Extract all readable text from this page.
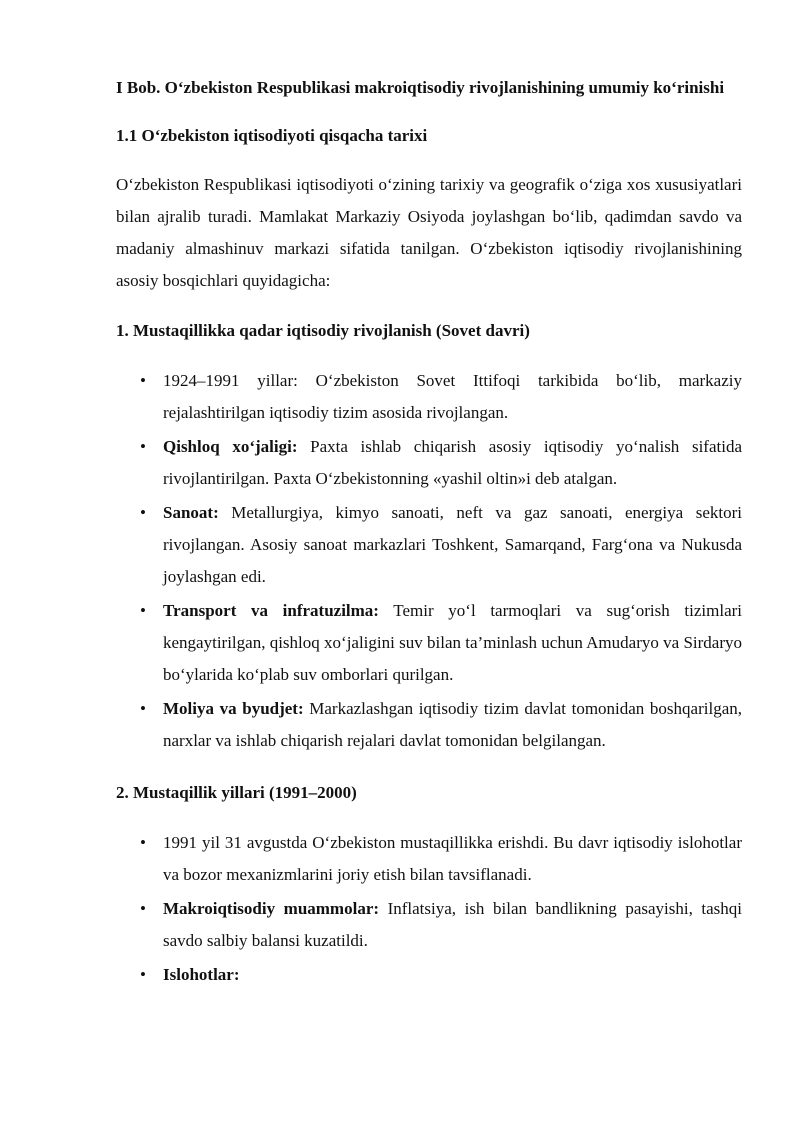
I Bob. O‘zbekiston Respublikasi makroiqtisodiy rivojlanishining umumiy ko‘rinishi
1.1 O‘zbekiston iqtisodiyoti qisqacha tarixi

O‘zbekiston Respublikasi iqtisodiyoti o‘zining tarixiy va geografik o‘ziga xos xususiyatlari bilan ajralib turadi. Mamlakat Markaziy Osiyoda joylashgan bo‘lib, qadimdan savdo va madaniy almashinuv markazi sifatida tanilgan. O‘zbekiston iqtisodiy rivojlanishining asosiy bosqichlari quyidagicha:

1. Mustaqillikka qadar iqtisodiy rivojlanish (Sovet davri)
• 1924–1991 yillar: O‘zbekiston Sovet Ittifoqi tarkibida bo‘lib, markaziy rejalashtirilgan iqtisodiy tizim asosida rivojlangan.
• Qishloq xo‘jaligi: Paxta ishlab chiqarish asosiy iqtisodiy yo‘nalish sifatida rivojlantirilgan. Paxta O‘zbekistonning «yashil oltin»i deb atalgan.
• Sanoat: Metallurgiya, kimyo sanoati, neft va gaz sanoati, energiya sektori rivojlangan. Asosiy sanoat markazlari Toshkent, Samarqand, Farg‘ona va Nukusda joylashgan edi.
• Transport va infratuzilma: Temir yo‘l tarmoqlari va sug‘orish tizimlari kengaytirilgan, qishloq xo‘jaligini suv bilan ta’minlash uchun Amudaryo va Sirdaryo bo‘ylarida ko‘plab suv omborlari qurilgan.
• Moliya va byudjet: Markazlashgan iqtisodiy tizim davlat tomonidan boshqarilgan, narxlar va ishlab chiqarish rejalari davlat tomonidan belgilangan.
2. Mustaqillik yillari (1991–2000)
• 1991 yil 31 avgustda O‘zbekiston mustaqillikka erishdi. Bu davr iqtisodiy islohotlar va bozor mexanizmlarini joriy etish bilan tavsiflanadi.
• Makroiqtisodiy muammolar: Inflatsiya, ish bilan bandlikning pasayishi, tashqi savdo salbiy balansi kuzatildi.
• Islohotlar:
